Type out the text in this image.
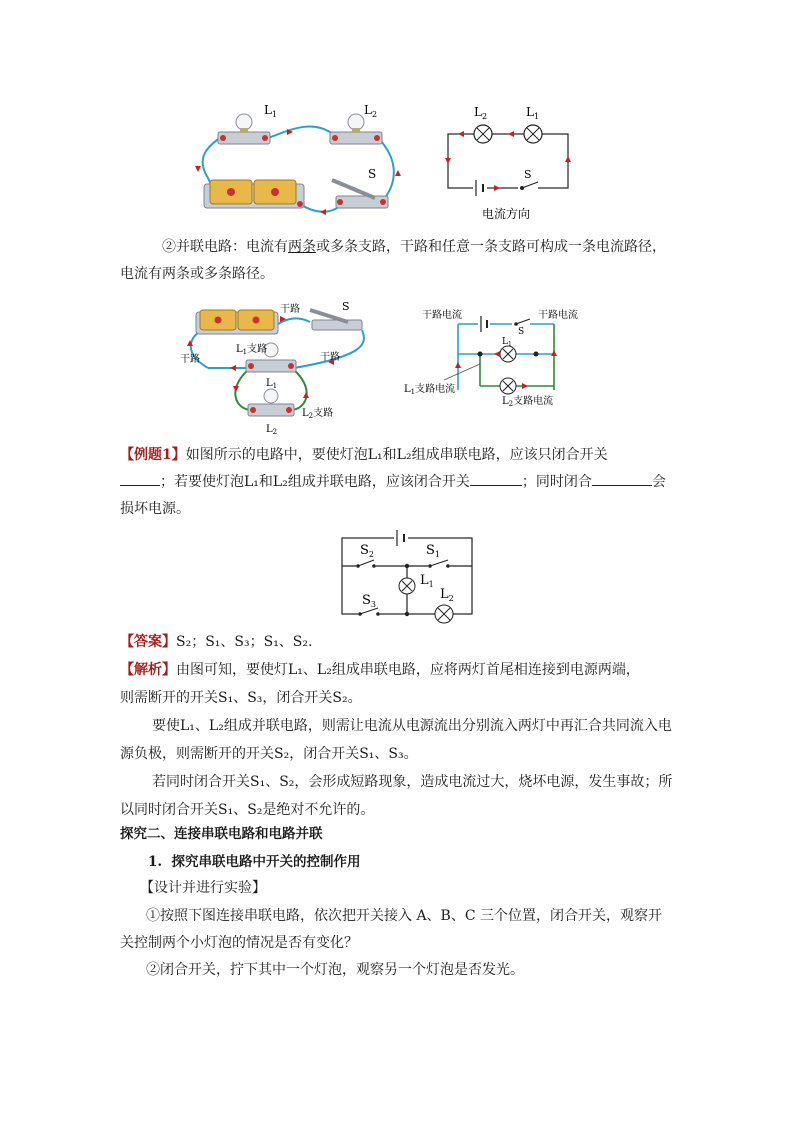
$L_1$	$L_2$
S
$L_2$	$L_1$
S
电流方向
②并联电路：电流有两条或多条支路，干路和任意一条支路可构成一条电流路径，
电流有两条或多条路径。
干路	S
干路	干路
$L_1$支路
$L_1$
$L_2$支路
$L_2$
干路电流	干路电流
S
$L_1$
$L_1$支路电流
$L_2$支路电流
【例题1】如图所示的电路中，要使灯泡L₁和L₂组成串联电路，应该只闭合开关
；若要使灯泡L₁和L₂组成并联电路，应该闭合开关	；同时闭合	会
损坏电源。
$S_2$	$S_1$
$L_1$
$L_2$
$S_3$
【答案】S₂；S₁、S₃；S₁、S₂.
【解析】由图可知，要使灯L₁、L₂组成串联电路，应将两灯首尾相连接到电源两端，
则需断开的开关S₁、S₃，闭合开关S₂。
要使L₁、L₂组成并联电路，则需让电流从电源流出分别流入两灯中再汇合共同流入电
源负极，则需断开的开关S₂，闭合开关S₁、S₃。
若同时闭合开关S₁、S₂，会形成短路现象，造成电流过大，烧坏电源，发生事故；所
以同时闭合开关S₁、S₂是绝对不允许的。
探究二、连接串联电路和电路并联
1. 探究串联电路中开关的控制作用
【设计并进行实验】
①按照下图连接串联电路，依次把开关接入 A、B、C 三个位置，闭合开关，观察开
关控制两个小灯泡的情况是否有变化？
②闭合开关，拧下其中一个灯泡，观察另一个灯泡是否发光。
